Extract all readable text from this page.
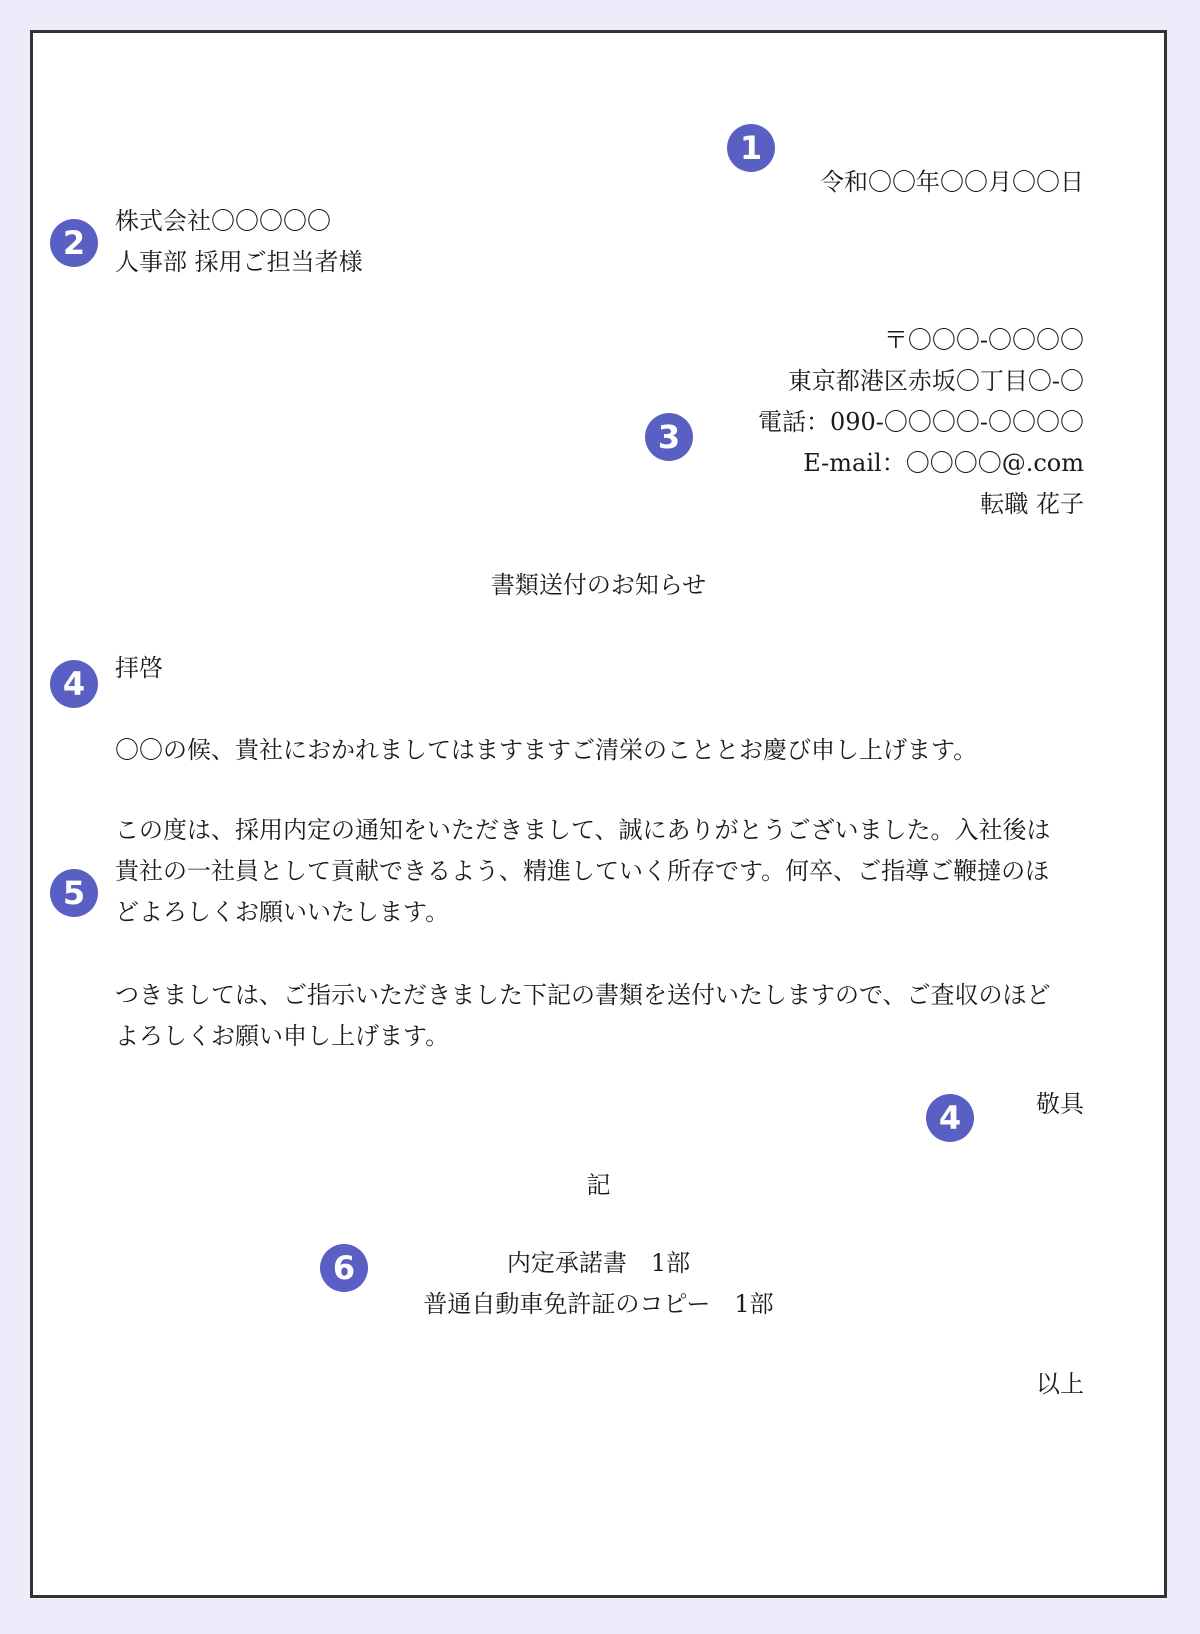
1
令和〇〇年〇〇月〇〇日
2
株式会社〇〇〇〇〇
人事部 採用ご担当者様
〒〇〇〇-〇〇〇〇
東京都港区赤坂〇丁目〇-〇
3	電話：090-〇〇〇〇-〇〇〇〇
E-mail：〇〇〇〇@.com
転職 花子
書類送付のお知らせ
4	拝啓
〇〇の候、貴社におかれましてはますますご清栄のこととお慶び申し上げます。
5
この度は、採用内定の通知をいただきまして、誠にありがとうございました。入社後は
貴社の一社員として貢献できるよう、精進していく所存です。何卒、ご指導ご鞭撻のほ
どよろしくお願いいたします。
つきましては、ご指示いただきました下記の書類を送付いたしますので、ご査収のほど
よろしくお願い申し上げます。
4	敬具
記
6	内定承諾書　1部
普通自動車免許証のコピー　1部
以上
